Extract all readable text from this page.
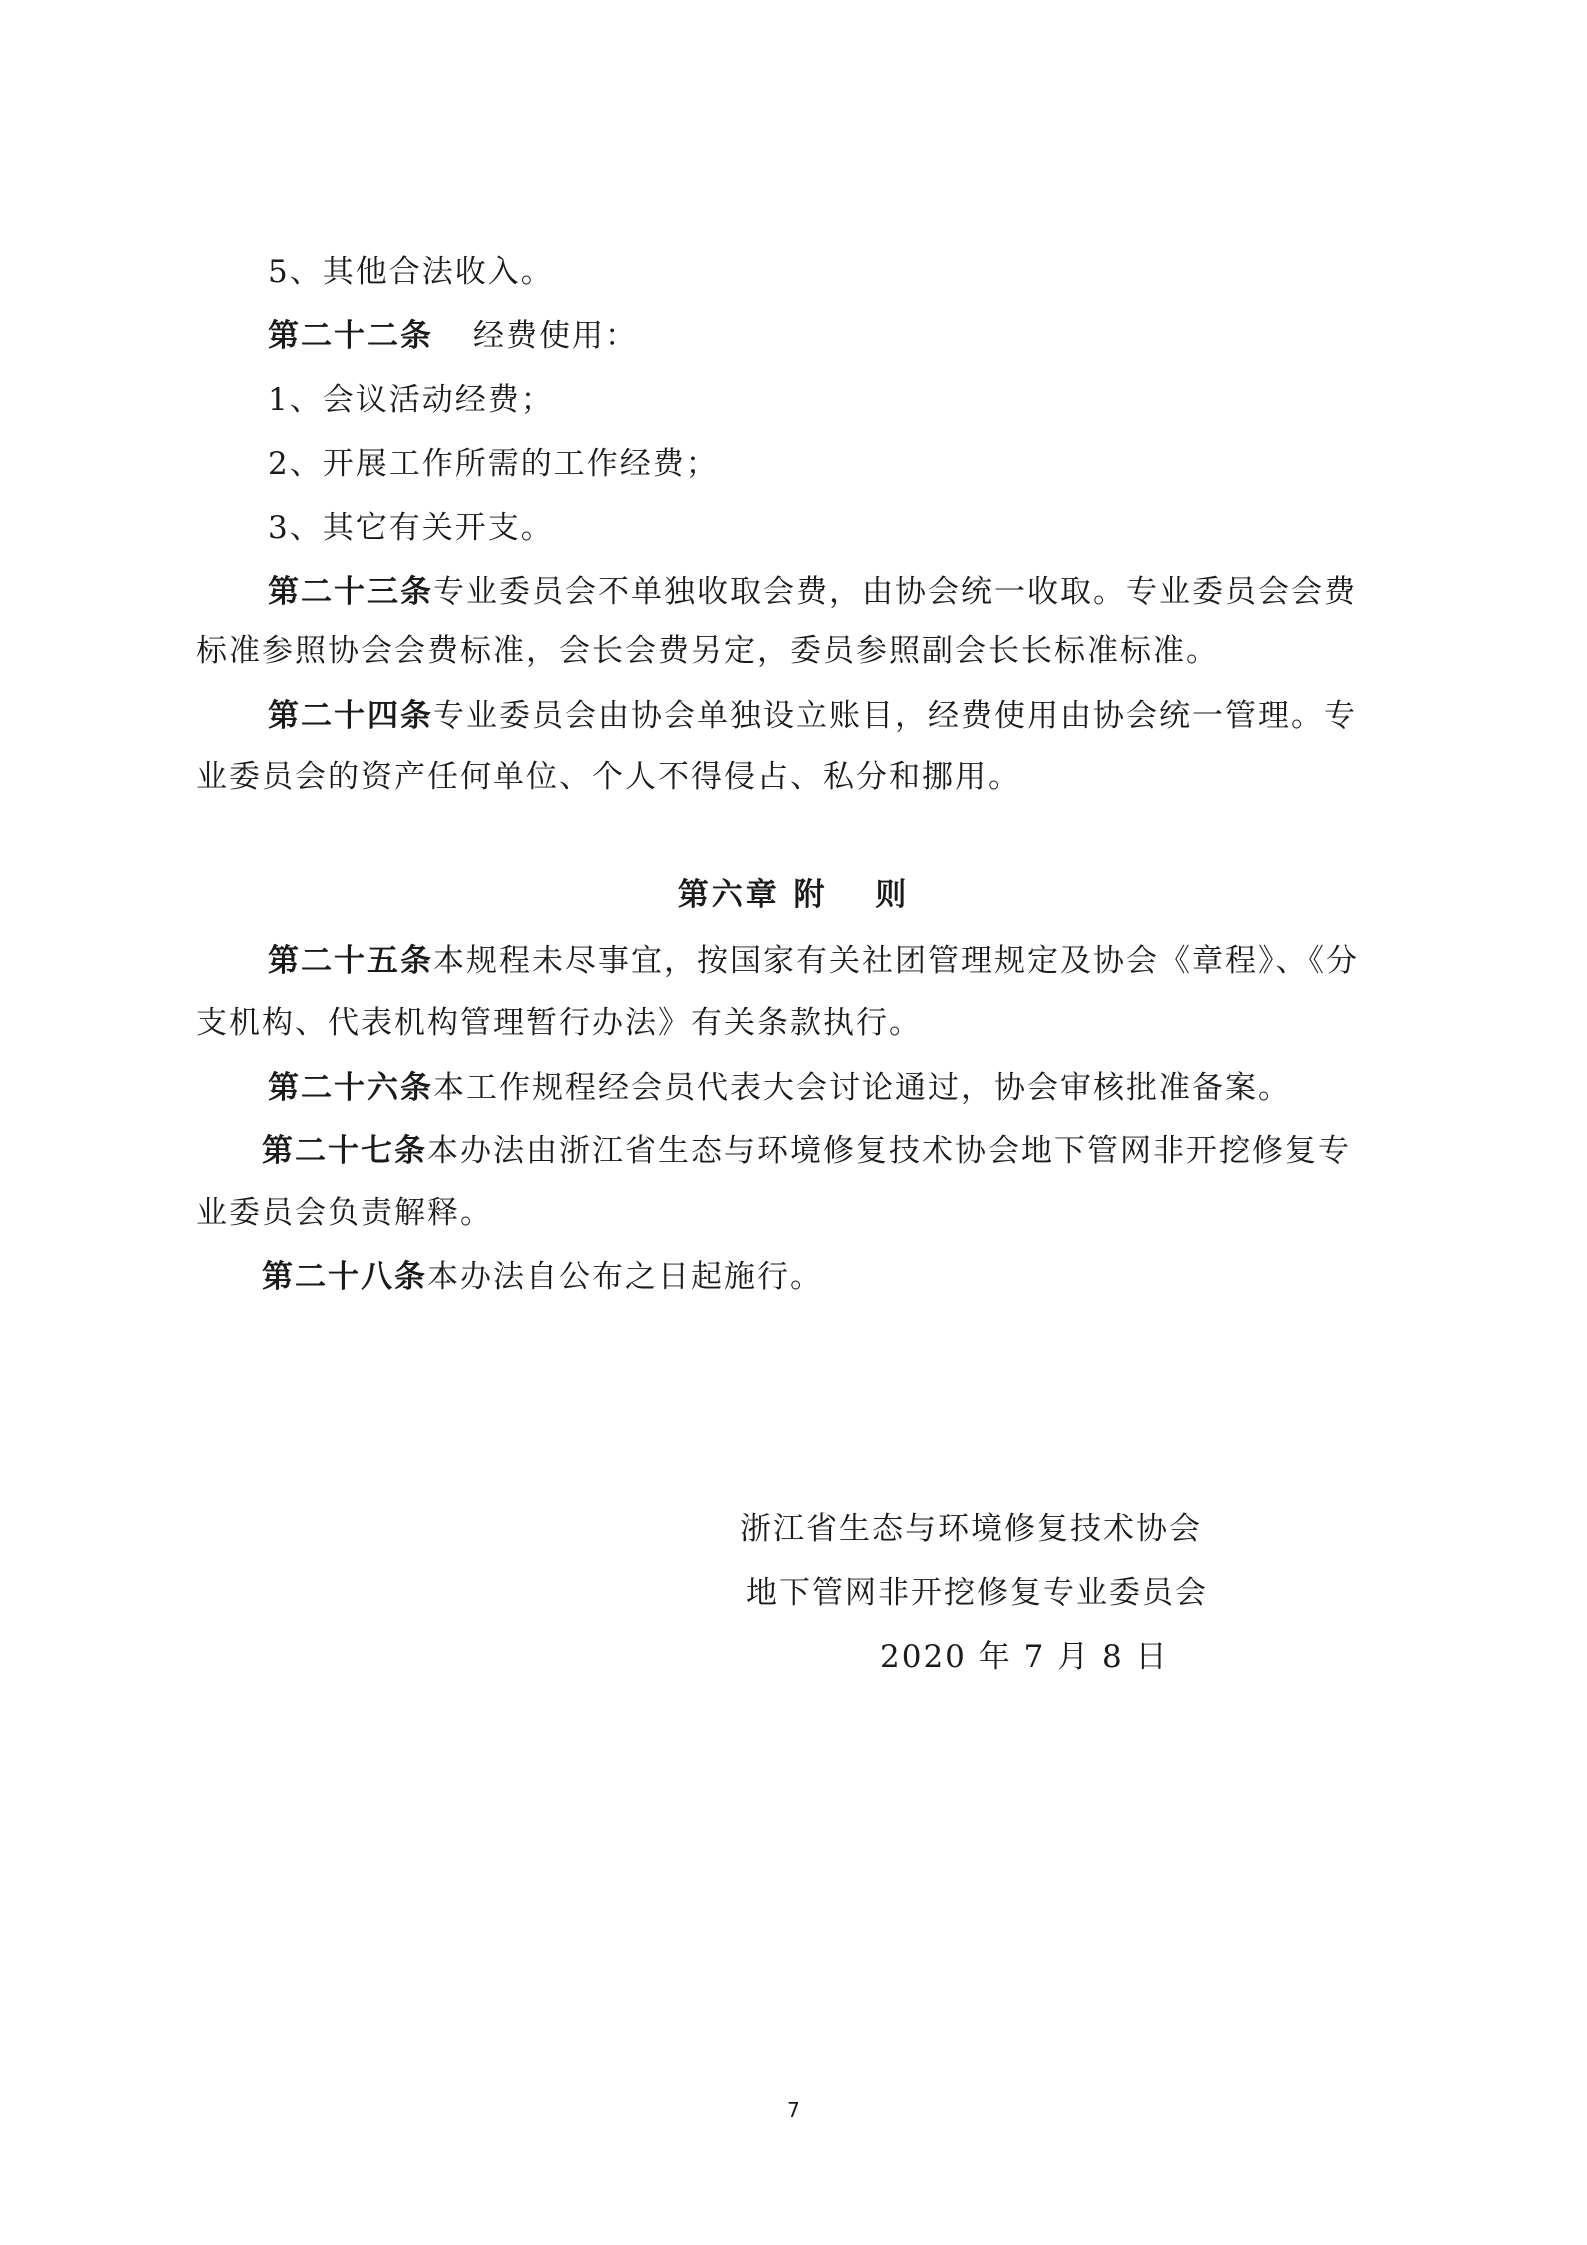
5、其他合法收入。
第二十二条 经费使用：
1、会议活动经费；
2、开展工作所需的工作经费；
3、其它有关开支。
第二十三条专业委员会不单独收取会费，由协会统一收取。专业委员会会费
标准参照协会会费标准，会长会费另定，委员参照副会长长标准标准。
第二十四条专业委员会由协会单独设立账目，经费使用由协会统一管理。专
业委员会的资产任何单位、个人不得侵占、私分和挪用。
第六章 附　 则
第二十五条本规程未尽事宜，按国家有关社团管理规定及协会《章程》、《分
支机构、代表机构管理暂行办法》有关条款执行。
第二十六条本工作规程经会员代表大会讨论通过，协会审核批准备案。
第二十七条本办法由浙江省生态与环境修复技术协会地下管网非开挖修复专
业委员会负责解释。
第二十八条本办法自公布之日起施行。
浙江省生态与环境修复技术协会
地下管网非开挖修复专业委员会
2020 年 7 月 8 日
7
